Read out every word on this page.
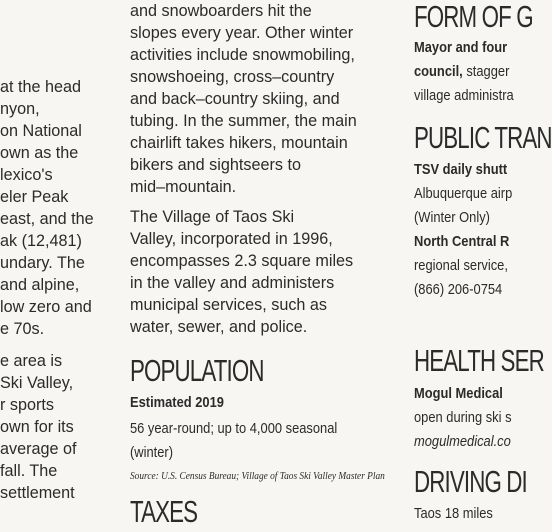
at the head
nyon,
on National
own as the
lexico's
eler Peak
east, and the
ak (12,481)
undary. The
and alpine,
low zero and
e 70s.
e area is
Ski Valley,
r sports
own for its
average of
fall. The
settlement
and snowboarders hit the
slopes every year. Other winter
activities include snowmobiling,
snowshoeing, cross–country
and back–country skiing, and
tubing. In the summer, the main
chairlift takes hikers, mountain
bikers and sightseers to
mid–mountain.
The Village of Taos Ski
Valley, incorporated in 1996,
encompasses 2.3 square miles
in the valley and administers
municipal services, such as
water, sewer, and police.
POPULATION
Estimated 2019
56 year-round; up to 4,000 seasonal
(winter)
Source: U.S. Census Bureau; Village of Taos Ski Valley Master Plan
TAXES
FORM OF G
Mayor and four
council, stagger
village administra
PUBLIC TRAN
TSV daily shutt
Albuquerque airp
(Winter Only)
North Central R
regional service,
(866) 206-0754
HEALTH SER
Mogul Medical
open during ski s
mogulmedical.co
DRIVING DI
Taos 18 miles
